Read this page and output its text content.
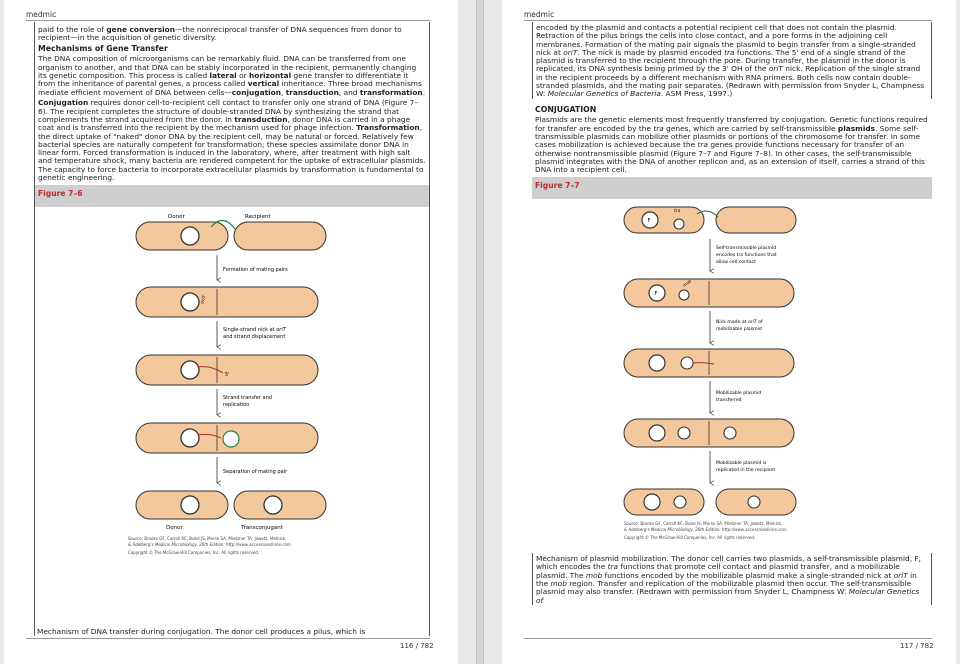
medmic

paid to the role of gene conversion—the nonreciprocal transfer of DNA sequences from donor to recipient—in the acquisition of genetic diversity.

Mechanisms of Gene Transfer

The DNA composition of microorganisms can be remarkably fluid. DNA can be transferred from one organism to another, and that DNA can be stably incorporated in the recipient, permanently changing its genetic composition. This process is called lateral or horizontal gene transfer to differentiate it from the inheritance of parental genes, a process called vertical inheritance. Three broad mechanisms mediate efficient movement of DNA between cells—conjugation, transduction, and transformation.

Conjugation requires donor cell-to-recipient cell contact to transfer only one strand of DNA (Figure 7–6). The recipient completes the structure of double-stranded DNA by synthesizing the strand that complements the strand acquired from the donor. In transduction, donor DNA is carried in a phage coat and is transferred into the recipient by the mechanism used for phage infection. Transformation, the direct uptake of "naked" donor DNA by the recipient cell, may be natural or forced. Relatively few bacterial species are naturally competent for transformation; these species assimilate donor DNA in linear form. Forced transformation is induced in the laboratory, where, after treatment with high salt and temperature shock, many bacteria are rendered competent for the uptake of extracellular plasmids. The capacity to force bacteria to incorporate extracellular plasmids by transformation is fundamental to genetic engineering.

Figure 7–6
Donor	Recipient
Formation of mating pairs
oriT
Single-strand nick at oriT
and strand displacement
5'
Strand transfer and
replication
Separation of mating pair
Donor	Transconjugant
Source: Brooks GF, Carroll KC, Butel JS, Morse SA, Mietzner TA: Jawetz, Melnick,
& Adelberg's Medical Microbiology, 26th Edition: http://www.accessmedicine.com
Copyright © The McGraw-Hill Companies, Inc. All rights reserved.
Mechanism of DNA transfer during conjugation. The donor cell produces a pilus, which is
116 / 782
medmic

encoded by the plasmid and contacts a potential recipient cell that does not contain the plasmid. Retraction of the pilus brings the cells into close contact, and a pore forms in the adjoining cell membranes. Formation of the mating pair signals the plasmid to begin transfer from a single-stranded nick at oriT. The nick is made by plasmid encoded tra functions. The 5' end of a single strand of the plasmid is transferred to the recipient through the pore. During transfer, the plasmid in the donor is replicated, its DNA synthesis being primed by the 3' OH of the oriT nick. Replication of the single strand in the recipient proceeds by a different mechanism with RNA primers. Both cells now contain double-stranded plasmids, and the mating pair separates. (Redrawn with permission from Snyder L, Champness W: Molecular Genetics of Bacteria. ASM Press, 1997.)

CONJUGATION

Plasmids are the genetic elements most frequently transferred by conjugation. Genetic functions required for transfer are encoded by the tra genes, which are carried by self-transmissible plasmids. Some self-transmissible plasmids can mobilize other plasmids or portions of the chromosome for transfer. In some cases mobilization is achieved because the tra genes provide functions necessary for transfer of an otherwise nontransmissible plasmid (Figure 7–7 and Figure 7–8). In other cases, the self-transmissible plasmid integrates with the DNA of another replicon and, as an extension of itself, carries a strand of this DNA into a recipient cell.

Figure 7–7
F
tra
Self-transmissible plasmid
encodes tra functions that
allow cell contact
F
mob
Nick made at oriT of
mobilizable plasmid
Mobilizable plasmid
transferred
Mobilizable plasmid is
replicated in the recipient
Source: Brooks GF, Carroll KC, Butel JS, Morse SA, Mietzner TA: Jawetz, Melnick,
& Adelberg's Medical Microbiology, 26th Edition: http://www.accessmedicine.com
Copyright © The McGraw-Hill Companies, Inc. All rights reserved.

Mechanism of plasmid mobilization. The donor cell carries two plasmids, a self-transmissible plasmid, F, which encodes the tra functions that promote cell contact and plasmid transfer, and a mobilizable plasmid. The mob functions encoded by the mobilizable plasmid make a single-stranded nick at oriT in the mob region. Transfer and replication of the mobilizable plasmid then occur. The self-transmissible plasmid may also transfer. (Redrawn with permission from Snyder L, Champness W: Molecular Genetics of

117 / 782
